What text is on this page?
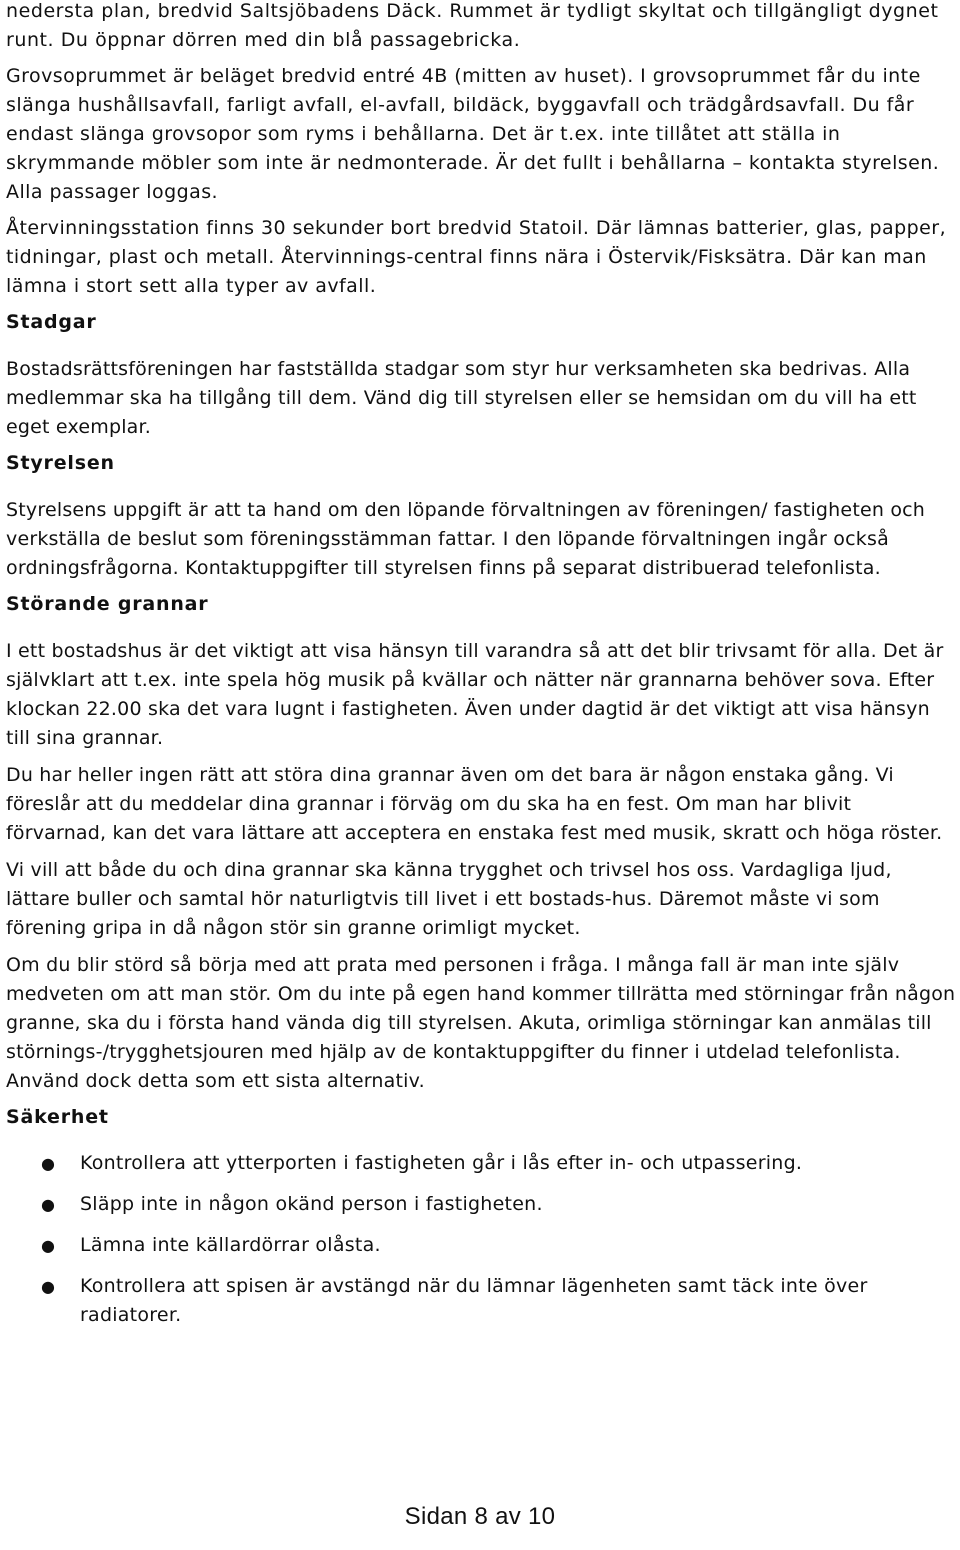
nedersta plan, bredvid Saltsjöbadens Däck. Rummet är tydligt skyltat och tillgängligt dygnet runt. Du öppnar dörren med din blå passagebricka.

Grovsoprummet är beläget bredvid entré 4B (mitten av huset). I grovsoprummet får du inte slänga hushållsavfall, farligt avfall, el-avfall, bildäck, byggavfall och trädgårdsavfall. Du får endast slänga grovsopor som ryms i behållarna. Det är t.ex. inte tillåtet att ställa in skrymmande möbler som inte är nedmonterade. Är det fullt i behållarna – kontakta styrelsen. Alla passager loggas.

Återvinningsstation finns 30 sekunder bort bredvid Statoil. Där lämnas batterier, glas, papper, tidningar, plast och metall. Återvinnings-central finns nära i Östervik/Fisksätra. Där kan man lämna i stort sett alla typer av avfall.

Stadgar

Bostadsrättsföreningen har fastställda stadgar som styr hur verksamheten ska bedrivas. Alla medlemmar ska ha tillgång till dem. Vänd dig till styrelsen eller se hemsidan om du vill ha ett eget exemplar.

Styrelsen

Styrelsens uppgift är att ta hand om den löpande förvaltningen av föreningen/ fastigheten och verkställa de beslut som föreningsstämman fattar. I den löpande förvaltningen ingår också ordningsfrågorna. Kontaktuppgifter till styrelsen finns på separat distribuerad telefonlista.

Störande grannar

I ett bostadshus är det viktigt att visa hänsyn till varandra så att det blir trivsamt för alla. Det är självklart att t.ex. inte spela hög musik på kvällar och nätter när grannarna behöver sova. Efter klockan 22.00 ska det vara lugnt i fastigheten. Även under dagtid är det viktigt att visa hänsyn till sina grannar.

Du har heller ingen rätt att störa dina grannar även om det bara är någon enstaka gång. Vi föreslår att du meddelar dina grannar i förväg om du ska ha en fest. Om man har blivit förvarnad, kan det vara lättare att acceptera en enstaka fest med musik, skratt och höga röster.

Vi vill att både du och dina grannar ska känna trygghet och trivsel hos oss. Vardagliga ljud, lättare buller och samtal hör naturligtvis till livet i ett bostads-hus. Däremot måste vi som förening gripa in då någon stör sin granne orimligt mycket.

Om du blir störd så börja med att prata med personen i fråga. I många fall är man inte själv medveten om att man stör. Om du inte på egen hand kommer tillrätta med störningar från någon granne, ska du i första hand vända dig till styrelsen. Akuta, orimliga störningar kan anmälas till störnings-/trygghetsjouren med hjälp av de kontaktuppgifter du finner i utdelad telefonlista. Använd dock detta som ett sista alternativ.

Säkerhet
● Kontrollera att ytterporten i fastigheten går i lås efter in- och utpassering.
● Släpp inte in någon okänd person i fastigheten.
● Lämna inte källardörrar olåsta.
● Kontrollera att spisen är avstängd när du lämnar lägenheten samt täck inte över radiatorer.
Sidan 8 av 10
